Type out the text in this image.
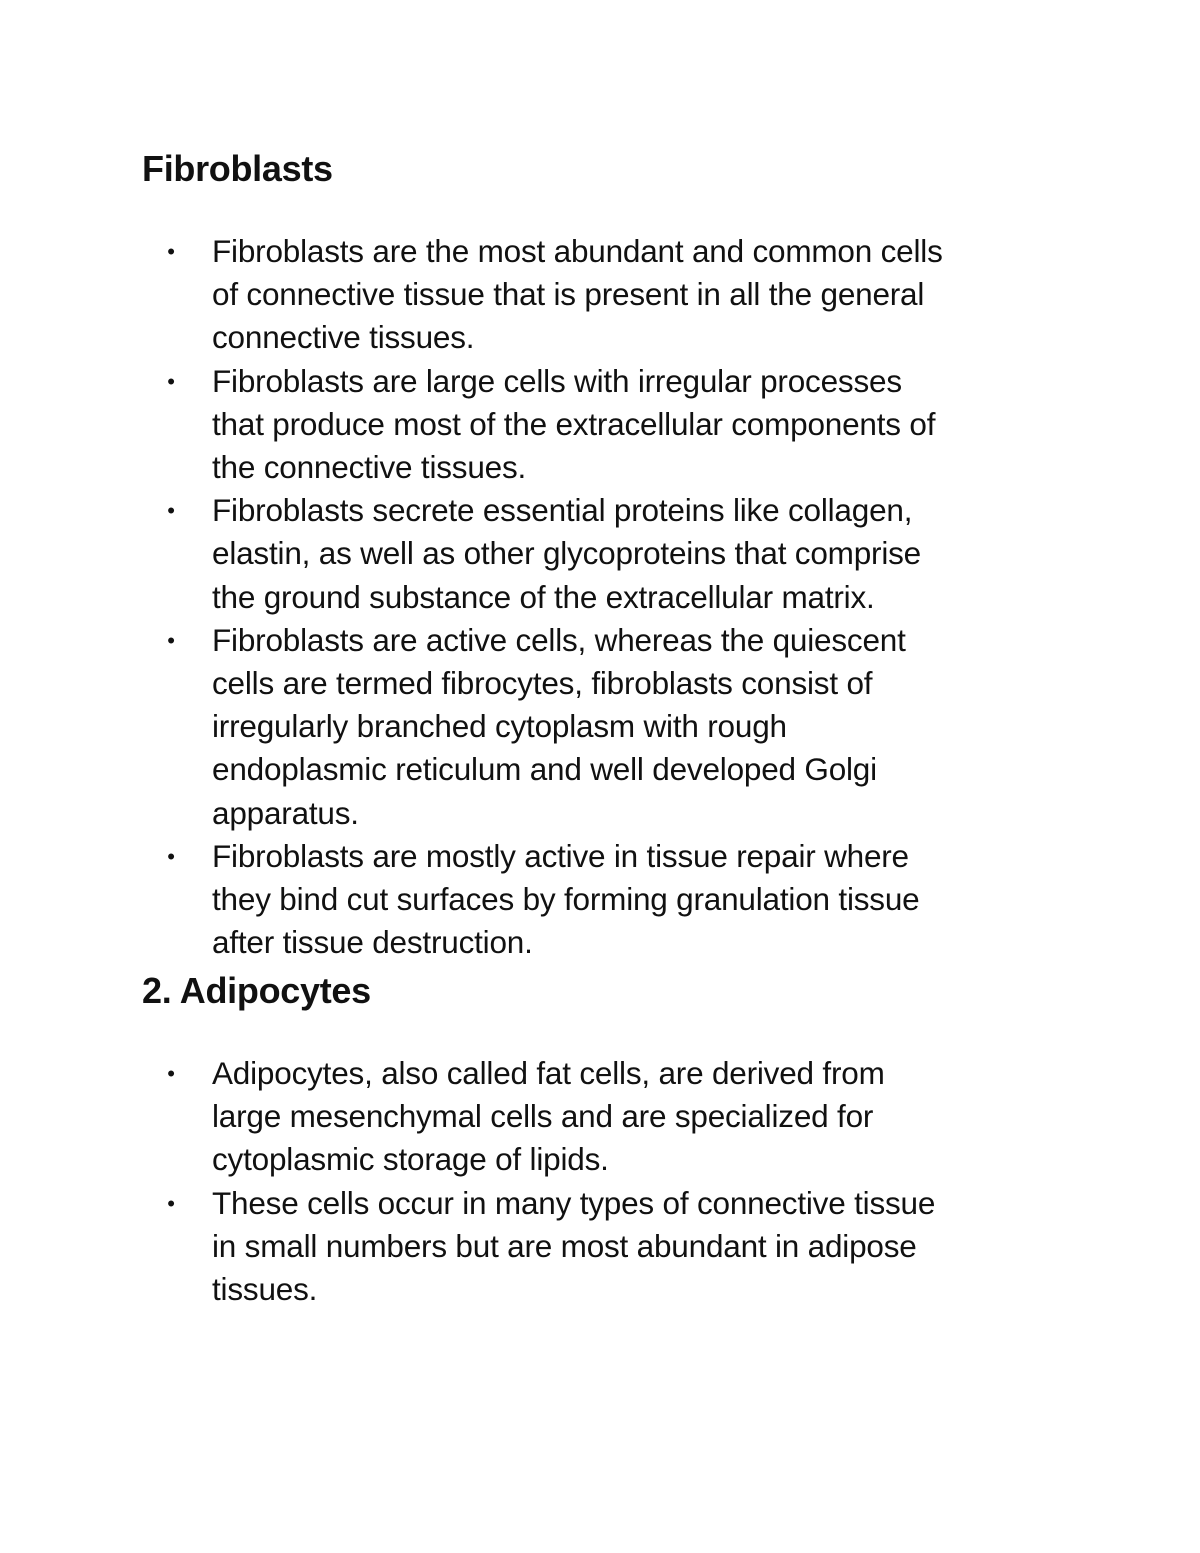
Fibroblasts
• Fibroblasts are the most abundant and common cells
of connective tissue that is present in all the general
connective tissues.
• Fibroblasts are large cells with irregular processes
that produce most of the extracellular components of
the connective tissues.
• Fibroblasts secrete essential proteins like collagen,
elastin, as well as other glycoproteins that comprise
the ground substance of the extracellular matrix.
• Fibroblasts are active cells, whereas the quiescent
cells are termed fibrocytes, fibroblasts consist of
irregularly branched cytoplasm with rough
endoplasmic reticulum and well developed Golgi
apparatus.
• Fibroblasts are mostly active in tissue repair where
they bind cut surfaces by forming granulation tissue
after tissue destruction.
2. Adipocytes
• Adipocytes, also called fat cells, are derived from
large mesenchymal cells and are specialized for
cytoplasmic storage of lipids.
• These cells occur in many types of connective tissue
in small numbers but are most abundant in adipose
tissues.
